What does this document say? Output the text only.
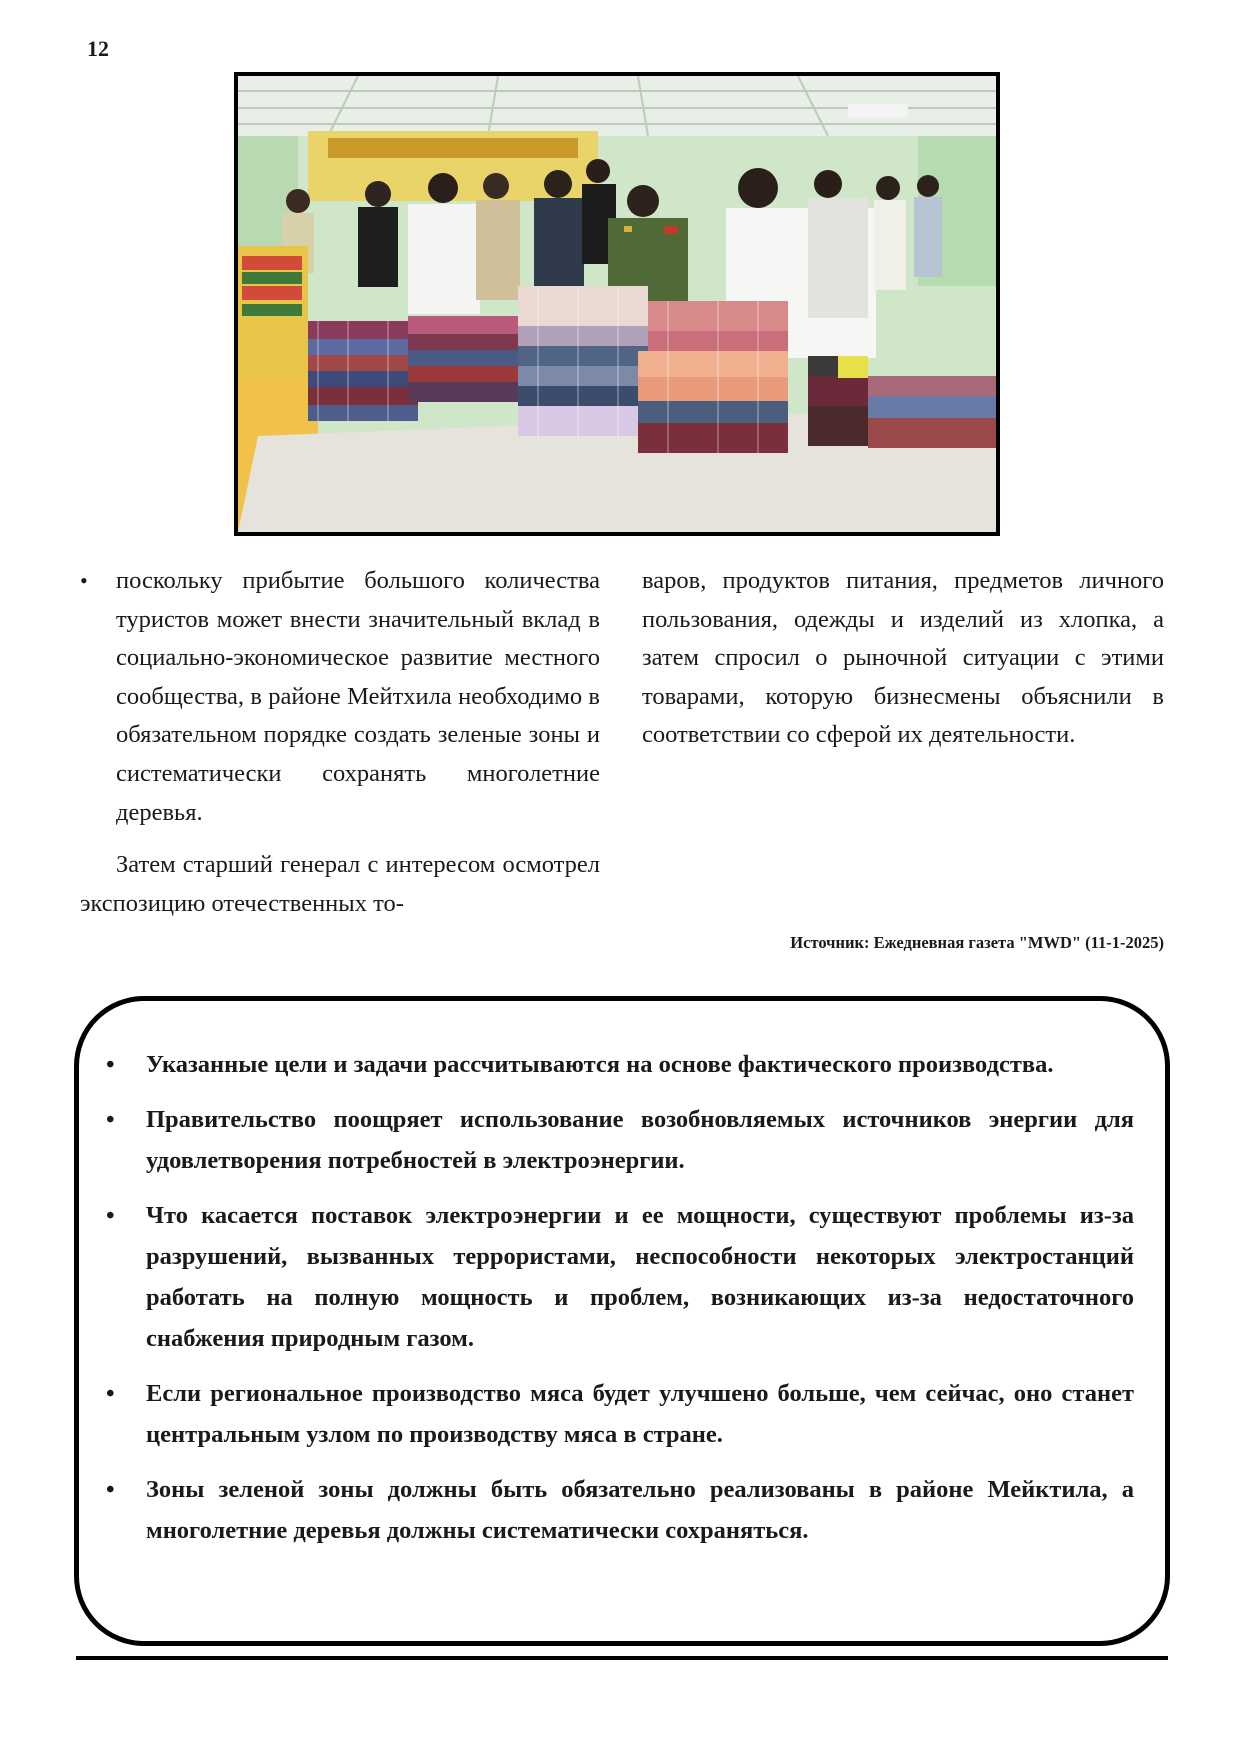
12
• поскольку прибытие большого количества туристов может внести значительный вклад в социально-экономическое развитие местного сообщества, в районе Мейтхила необходимо в обязательном порядке создать зеленые зоны и систематически сохранять многолетние деревья.
Затем старший генерал с интересом осмотрел экспозицию отечественных то-
варов, продуктов питания, предметов личного пользования, одежды и изделий из хлопка, а затем спросил о рыночной ситуации с этими товарами, которую бизнесмены объяснили в соответствии со сферой их деятельности.
Источник: Ежедневная газета "MWD" (11-1-2025)
• Указанные цели и задачи рассчитываются на основе фактического производства.
• Правительство поощряет использование возобновляемых источников энергии для удовлетворения потребностей в электроэнергии.
• Что касается поставок электроэнергии и ее мощности, существуют проблемы из-за разрушений, вызванных террористами, неспособности некоторых электростанций работать на полную мощность и проблем, возникающих из-за недостаточного снабжения природным газом.
• Если региональное производство мяса будет улучшено больше, чем сейчас, оно станет центральным узлом по производству мяса в стране.
• Зоны зеленой зоны должны быть обязательно реализованы в районе Мейктила, а многолетние деревья должны систематически сохраняться.
